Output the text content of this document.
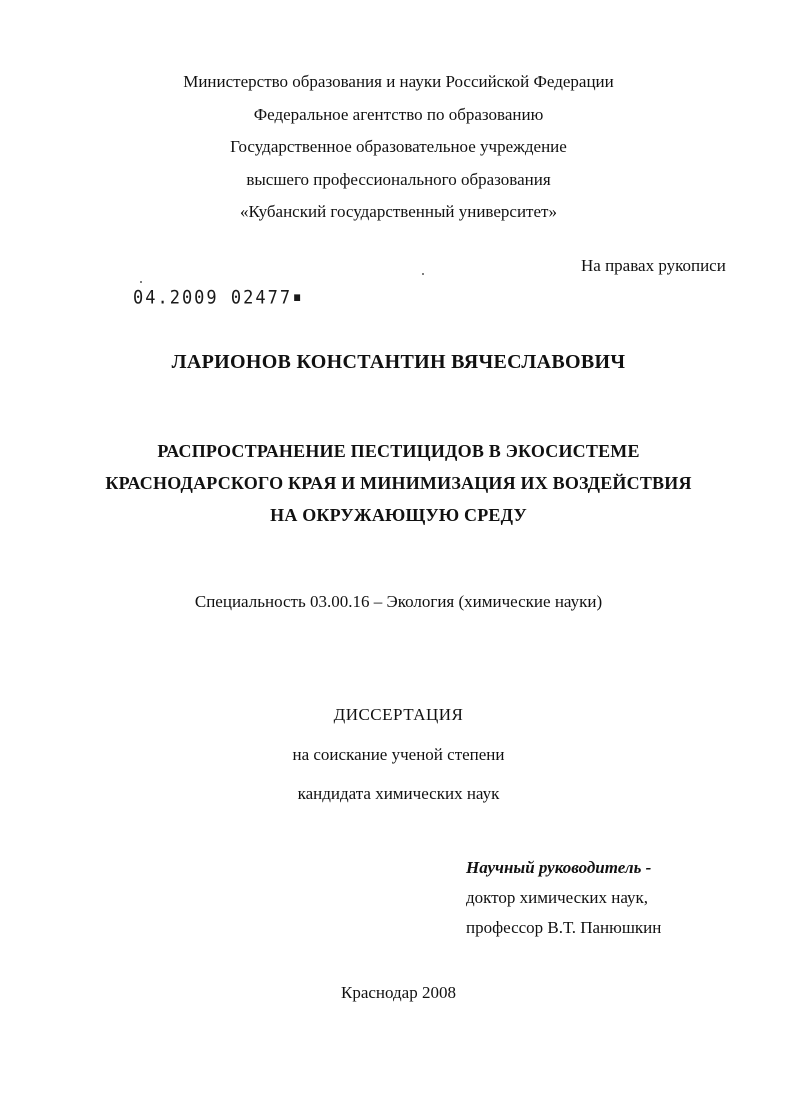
Министерство образования и науки Российской Федерации
Федеральное агентство по образованию
Государственное образовательное учреждение
высшего профессионального образования
«Кубанский государственный университет»
На правах рукописи
04.2009 02477 ■
ЛАРИОНОВ КОНСТАНТИН ВЯЧЕСЛАВОВИЧ
РАСПРОСТРАНЕНИЕ ПЕСТИЦИДОВ В ЭКОСИСТЕМЕ
КРАСНОДАРСКОГО КРАЯ И МИНИМИЗАЦИЯ ИХ ВОЗДЕЙСТВИЯ
НА ОКРУЖАЮЩУЮ СРЕДУ
Специальность 03.00.16 – Экология (химические науки)
ДИССЕРТАЦИЯ
на соискание ученой степени
кандидата химических наук
Научный руководитель -
доктор химических наук,
профессор В.Т. Панюшкин
Краснодар 2008
